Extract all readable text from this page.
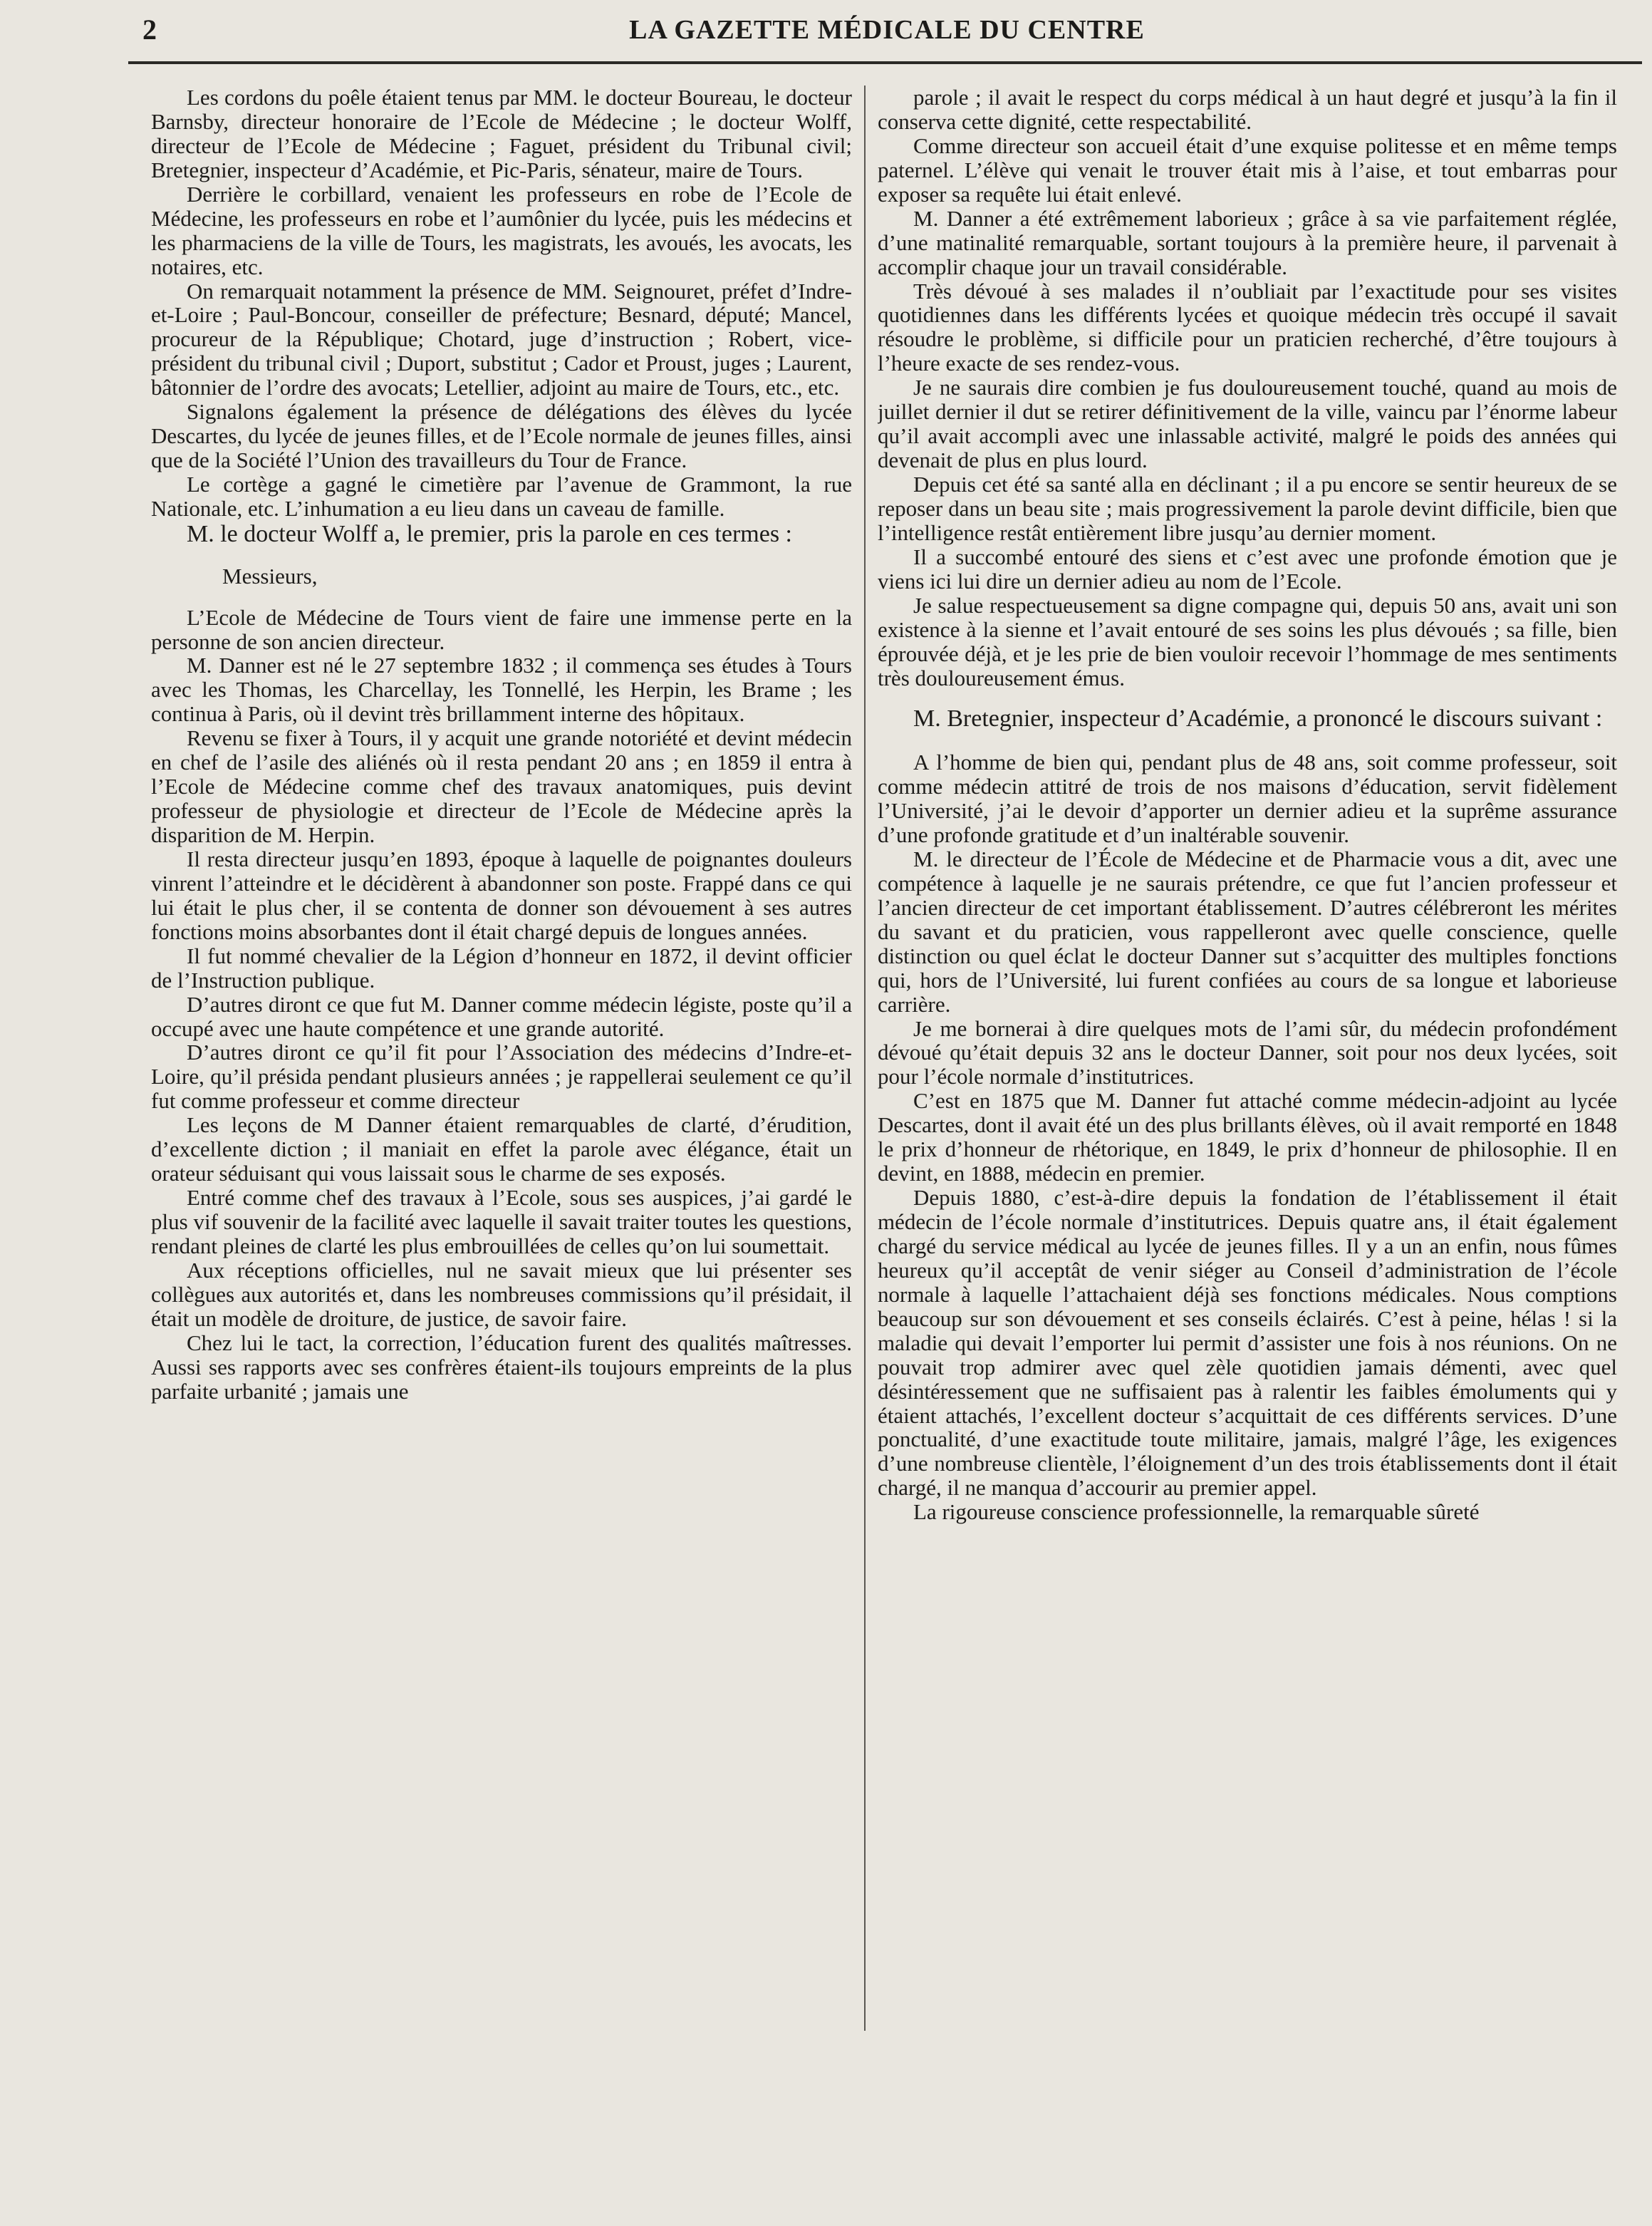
2	LA GAZETTE MÉDICALE DU CENTRE

Les cordons du poêle étaient tenus par MM. le docteur Boureau, le docteur Barnsby, directeur honoraire de l’Ecole de Médecine ; le docteur Wolff, directeur de l’Ecole de Médecine ; Faguet, président du Tribunal civil; Bretegnier, inspecteur d’Académie, et Pic-Paris, sénateur, maire de Tours.

Derrière le corbillard, venaient les professeurs en robe de l’Ecole de Médecine, les professeurs en robe et l’aumônier du lycée, puis les médecins et les pharmaciens de la ville de Tours, les magistrats, les avoués, les avocats, les notaires, etc.

On remarquait notamment la présence de MM. Seignouret, préfet d’Indre-et-Loire ; Paul-Boncour, conseiller de préfecture; Besnard, député; Mancel, procureur de la République; Chotard, juge d’instruction ; Robert, vice-président du tribunal civil ; Duport, substitut ; Cador et Proust, juges ; Laurent, bâtonnier de l’ordre des avocats; Letellier, adjoint au maire de Tours, etc., etc.

Signalons également la présence de délégations des élèves du lycée Descartes, du lycée de jeunes filles, et de l’Ecole normale de jeunes filles, ainsi que de la Société l’Union des travailleurs du Tour de France.

Le cortège a gagné le cimetière par l’avenue de Grammont, la rue Nationale, etc. L’inhumation a eu lieu dans un caveau de famille.

M. le docteur Wolff a, le premier, pris la parole en ces termes :

Messieurs,

L’Ecole de Médecine de Tours vient de faire une immense perte en la personne de son ancien directeur.

M. Danner est né le 27 septembre 1832 ; il commença ses études à Tours avec les Thomas, les Charcellay, les Tonnellé, les Herpin, les Brame ; les continua à Paris, où il devint très brillamment interne des hôpitaux.

Revenu se fixer à Tours, il y acquit une grande notoriété et devint médecin en chef de l’asile des aliénés où il resta pendant 20 ans ; en 1859 il entra à l’Ecole de Médecine comme chef des travaux anatomiques, puis devint professeur de physiologie et directeur de l’Ecole de Médecine après la disparition de M. Herpin.

Il resta directeur jusqu’en 1893, époque à laquelle de poignantes douleurs vinrent l’atteindre et le décidèrent à abandonner son poste. Frappé dans ce qui lui était le plus cher, il se contenta de donner son dévouement à ses autres fonctions moins absorbantes dont il était chargé depuis de longues années.

Il fut nommé chevalier de la Légion d’honneur en 1872, il devint officier de l’Instruction publique.

D’autres diront ce que fut M. Danner comme médecin légiste, poste qu’il a occupé avec une haute compétence et une grande autorité.

D’autres diront ce qu’il fit pour l’Association des médecins d’Indre-et-Loire, qu’il présida pendant plusieurs années ; je rappellerai seulement ce qu’il fut comme professeur et comme directeur

Les leçons de M Danner étaient remarquables de clarté, d’érudition, d’excellente diction ; il maniait en effet la parole avec élégance, était un orateur séduisant qui vous laissait sous le charme de ses exposés.

Entré comme chef des travaux à l’Ecole, sous ses auspices, j’ai gardé le plus vif souvenir de la facilité avec laquelle il savait traiter toutes les questions, rendant pleines de clarté les plus embrouillées de celles qu’on lui soumettait.

Aux réceptions officielles, nul ne savait mieux que lui présenter ses collègues aux autorités et, dans les nombreuses commissions qu’il présidait, il était un modèle de droiture, de justice, de savoir faire.

Chez lui le tact, la correction, l’éducation furent des qualités maîtresses. Aussi ses rapports avec ses confrères étaient-ils toujours empreints de la plus parfaite urbanité ; jamais une

parole ; il avait le respect du corps médical à un haut degré et jusqu’à la fin il conserva cette dignité, cette respectabilité.

Comme directeur son accueil était d’une exquise politesse et en même temps paternel. L’élève qui venait le trouver était mis à l’aise, et tout embarras pour exposer sa requête lui était enlevé.

M. Danner a été extrêmement laborieux ; grâce à sa vie parfaitement réglée, d’une matinalité remarquable, sortant toujours à la première heure, il parvenait à accomplir chaque jour un travail considérable.

Très dévoué à ses malades il n’oubliait par l’exactitude pour ses visites quotidiennes dans les différents lycées et quoique médecin très occupé il savait résoudre le problème, si difficile pour un praticien recherché, d’être toujours à l’heure exacte de ses rendez-vous.

Je ne saurais dire combien je fus douloureusement touché, quand au mois de juillet dernier il dut se retirer définitivement de la ville, vaincu par l’énorme labeur qu’il avait accompli avec une inlassable activité, malgré le poids des années qui devenait de plus en plus lourd.

Depuis cet été sa santé alla en déclinant ; il a pu encore se sentir heureux de se reposer dans un beau site ; mais progressivement la parole devint difficile, bien que l’intelligence restât entièrement libre jusqu’au dernier moment.

Il a succombé entouré des siens et c’est avec une profonde émotion que je viens ici lui dire un dernier adieu au nom de l’Ecole.

Je salue respectueusement sa digne compagne qui, depuis 50 ans, avait uni son existence à la sienne et l’avait entouré de ses soins les plus dévoués ; sa fille, bien éprouvée déjà, et je les prie de bien vouloir recevoir l’hommage de mes sentiments très douloureusement émus.

M. Bretegnier, inspecteur d’Académie, a prononcé le discours suivant :

A l’homme de bien qui, pendant plus de 48 ans, soit comme professeur, soit comme médecin attitré de trois de nos maisons d’éducation, servit fidèlement l’Université, j’ai le devoir d’apporter un dernier adieu et la suprême assurance d’une profonde gratitude et d’un inaltérable souvenir.

M. le directeur de l’École de Médecine et de Pharmacie vous a dit, avec une compétence à laquelle je ne saurais prétendre, ce que fut l’ancien professeur et l’ancien directeur de cet important établissement. D’autres célébreront les mérites du savant et du praticien, vous rappelleront avec quelle conscience, quelle distinction ou quel éclat le docteur Danner sut s’acquitter des multiples fonctions qui, hors de l’Université, lui furent confiées au cours de sa longue et laborieuse carrière.

Je me bornerai à dire quelques mots de l’ami sûr, du médecin profondément dévoué qu’était depuis 32 ans le docteur Danner, soit pour nos deux lycées, soit pour l’école normale d’institutrices.

C’est en 1875 que M. Danner fut attaché comme médecin-adjoint au lycée Descartes, dont il avait été un des plus brillants élèves, où il avait remporté en 1848 le prix d’honneur de rhétorique, en 1849, le prix d’honneur de philosophie. Il en devint, en 1888, médecin en premier.

Depuis 1880, c’est-à-dire depuis la fondation de l’établissement il était médecin de l’école normale d’institutrices. Depuis quatre ans, il était également chargé du service médical au lycée de jeunes filles. Il y a un an enfin, nous fûmes heureux qu’il acceptât de venir siéger au Conseil d’administration de l’école normale à laquelle l’attachaient déjà ses fonctions médicales. Nous comptions beaucoup sur son dévouement et ses conseils éclairés. C’est à peine, hélas ! si la maladie qui devait l’emporter lui permit d’assister une fois à nos réunions. On ne pouvait trop admirer avec quel zèle quotidien jamais démenti, avec quel désintéressement que ne suffisaient pas à ralentir les faibles émoluments qui y étaient attachés, l’excellent docteur s’acquittait de ces différents services. D’une ponctualité, d’une exactitude toute militaire, jamais, malgré l’âge, les exigences d’une nombreuse clientèle, l’éloignement d’un des trois établissements dont il était chargé, il ne manqua d’accourir au premier appel.

La rigoureuse conscience professionnelle, la remarquable sûreté
